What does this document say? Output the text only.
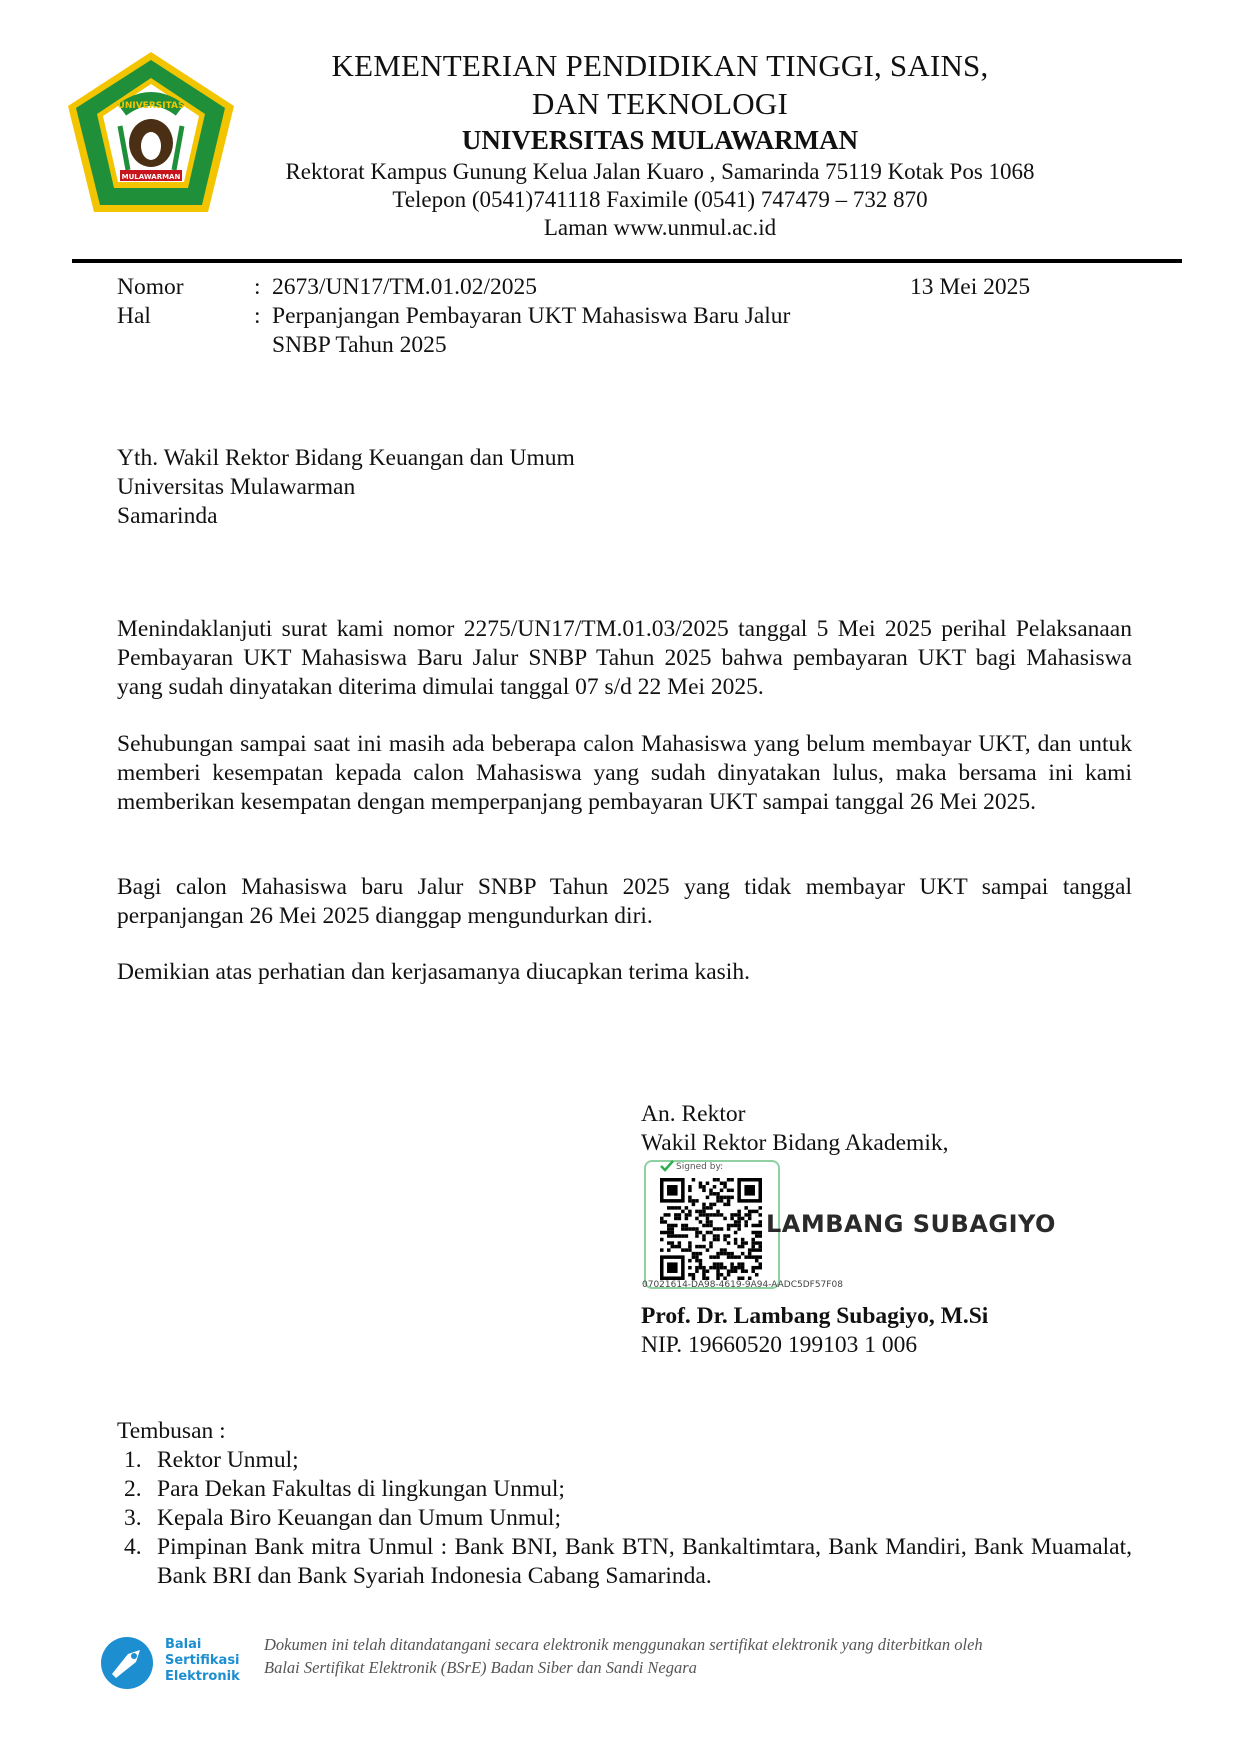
UNIVERSITAS
MULAWARMAN
KEMENTERIAN PENDIDIKAN TINGGI, SAINS,
DAN TEKNOLOGI
UNIVERSITAS MULAWARMAN
Rektorat Kampus Gunung Kelua Jalan Kuaro , Samarinda 75119 Kotak Pos 1068
Telepon (0541)741118 Faximile (0541) 747479 – 732 870
Laman www.unmul.ac.id
Nomor	: 2673/UN17/TM.01.02/2025	13 Mei 2025
Hal	: Perpanjangan Pembayaran UKT Mahasiswa Baru Jalur
SNBP Tahun 2025
Yth. Wakil Rektor Bidang Keuangan dan Umum
Universitas Mulawarman
Samarinda
Menindaklanjuti surat kami nomor 2275/UN17/TM.01.03/2025 tanggal 5 Mei 2025 perihal Pelaksanaan Pembayaran UKT Mahasiswa Baru Jalur SNBP Tahun 2025 bahwa pembayaran UKT bagi Mahasiswa yang sudah dinyatakan diterima dimulai tanggal 07 s/d 22 Mei 2025.
Sehubungan sampai saat ini masih ada beberapa calon Mahasiswa yang belum membayar UKT, dan untuk memberi kesempatan kepada calon Mahasiswa yang sudah dinyatakan lulus, maka bersama ini kami memberikan kesempatan dengan memperpanjang pembayaran UKT sampai tanggal 26 Mei 2025.
Bagi calon Mahasiswa baru Jalur SNBP Tahun 2025 yang tidak membayar UKT sampai tanggal perpanjangan 26 Mei 2025 dianggap mengundurkan diri.
Demikian atas perhatian dan kerjasamanya diucapkan terima kasih.
An. Rektor
Wakil Rektor Bidang Akademik,
Signed by:
LAMBANG SUBAGIYO
07021614-DA98-4619-9A94-AADC5DF57F08
Prof. Dr. Lambang Subagiyo, M.Si
NIP. 19660520 199103 1 006
Tembusan :
1. Rektor Unmul;
2. Para Dekan Fakultas di lingkungan Unmul;
3. Kepala Biro Keuangan dan Umum Unmul;
4. Pimpinan Bank mitra Unmul : Bank BNI, Bank BTN, Bankaltimtara, Bank Mandiri, Bank Muamalat, Bank BRI dan Bank Syariah Indonesia Cabang Samarinda.
Balai
Sertifikasi
Elektronik
Dokumen ini telah ditandatangani secara elektronik menggunakan sertifikat elektronik yang diterbitkan oleh
Balai Sertifikat Elektronik (BSrE) Badan Siber dan Sandi Negara
